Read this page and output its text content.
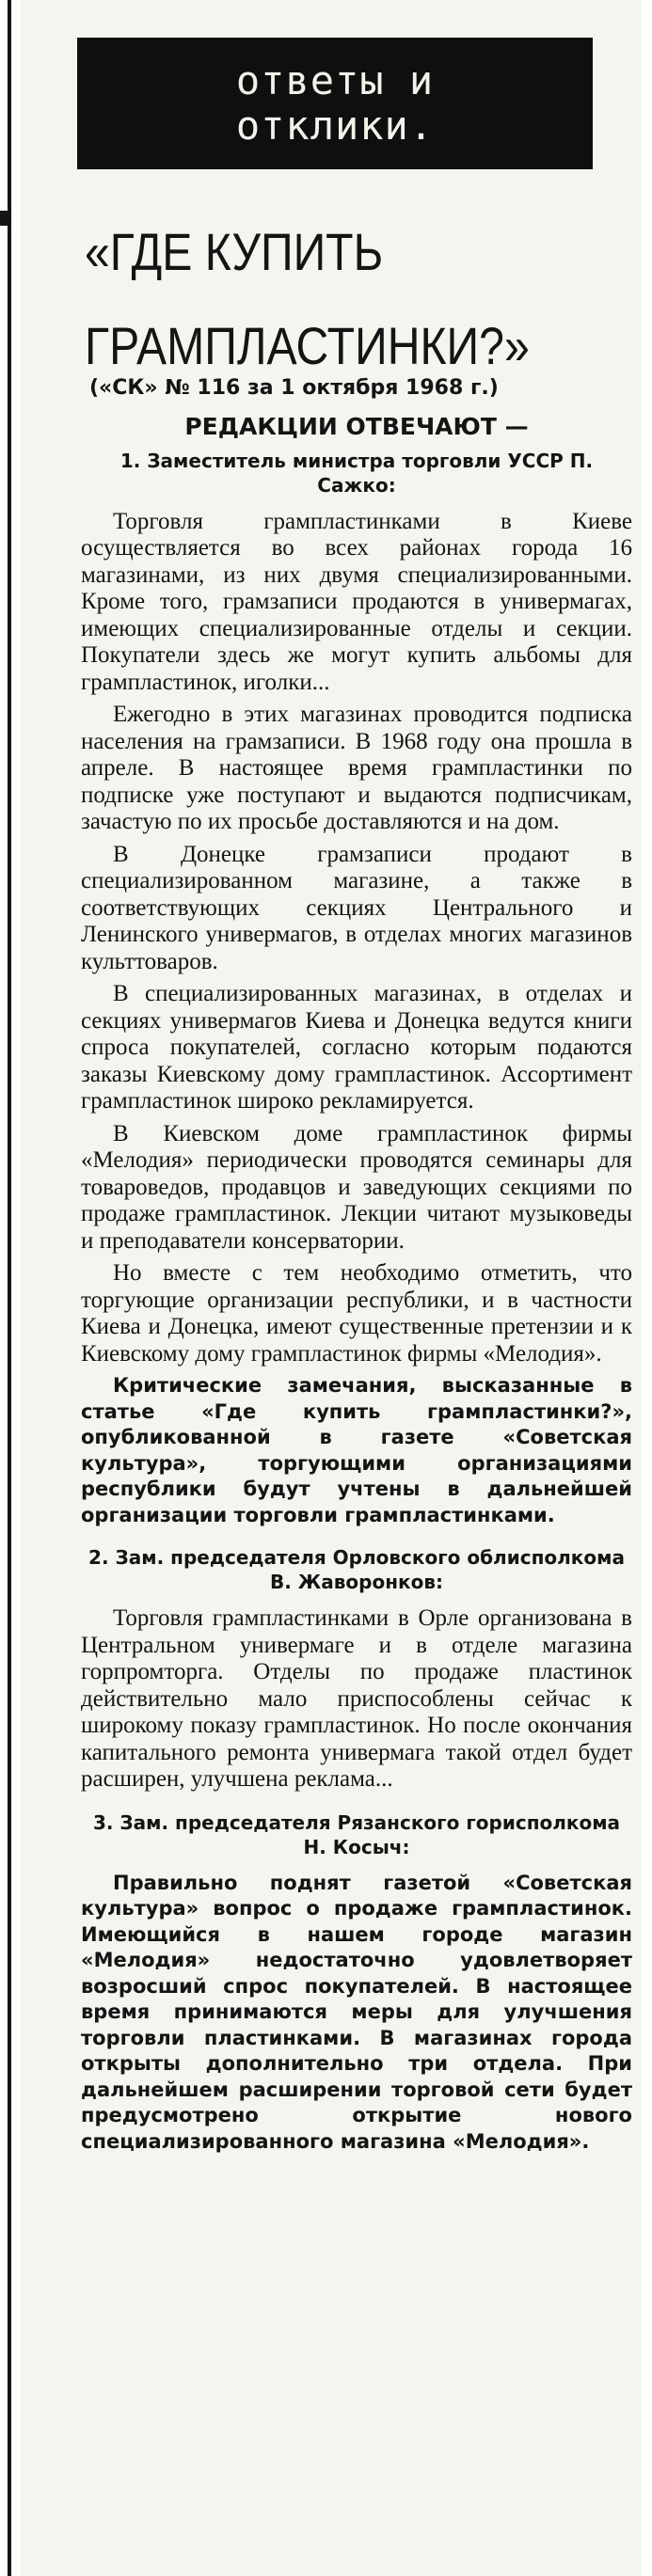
ответы и
отклики.
«ГДЕ КУПИТЬ
ГРАМПЛАСТИНКИ?»
(«СК» № 116 за 1 октября 1968 г.)

РЕДАКЦИИ ОТВЕЧАЮТ —

1. Заместитель министра торговли УССР П. Сажко:

Торговля грампластинками в Киеве осуществляется во всех районах города 16 магазинами, из них двумя специализированными. Кроме того, грамзаписи продаются в универмагах, имеющих специализированные отделы и секции. Покупатели здесь же могут купить альбомы для грампластинок, иголки...

Ежегодно в этих магазинах проводится подписка населения на грамзаписи. В 1968 году она прошла в апреле. В настоящее время грампластинки по подписке уже поступают и выдаются подписчикам, зачастую по их просьбе доставляются и на дом.

В Донецке грамзаписи продают в специализированном магазине, а также в соответствующих секциях Центрального и Ленинского универмагов, в отделах многих магазинов культтоваров.

В специализированных магазинах, в отделах и секциях универмагов Киева и Донецка ведутся книги спроса покупателей, согласно которым подаются заказы Киевскому дому грампластинок. Ассортимент грампластинок широко рекламируется.

В Киевском доме грампластинок фирмы «Мелодия» периодически проводятся семинары для товароведов, продавцов и заведующих секциями по продаже грампластинок. Лекции читают музыковеды и преподаватели консерватории.

Но вместе с тем необходимо отметить, что торгующие организации республики, и в частности Киева и Донецка, имеют существенные претензии и к Киевскому дому грампластинок фирмы «Мелодия».

Критические замечания, высказанные в статье «Где купить грампластинки?», опубликованной в газете «Советская культура», торгующими организациями республики будут учтены в дальнейшей организации торговли грампластинками.

2. Зам. председателя Орловского облисполкома В. Жаворонков:

Торговля грампластинками в Орле организована в Центральном универмаге и в отделе магазина горпромторга. Отделы по продаже пластинок действительно мало приспособлены сейчас к широкому показу грампластинок. Но после окончания капитального ремонта универмага такой отдел будет расширен, улучшена реклама...

3. Зам. председателя Рязанского горисполкома Н. Косыч:

Правильно поднят газетой «Советская культура» вопрос о продаже грампластинок. Имеющийся в нашем городе магазин «Мелодия» недостаточно удовлетворяет возросший спрос покупателей. В настоящее время принимаются меры для улучшения торговли пластинками. В магазинах города открыты дополнительно три отдела. При дальнейшем расширении торговой сети будет предусмотрено открытие нового специализированного магазина «Мелодия».
